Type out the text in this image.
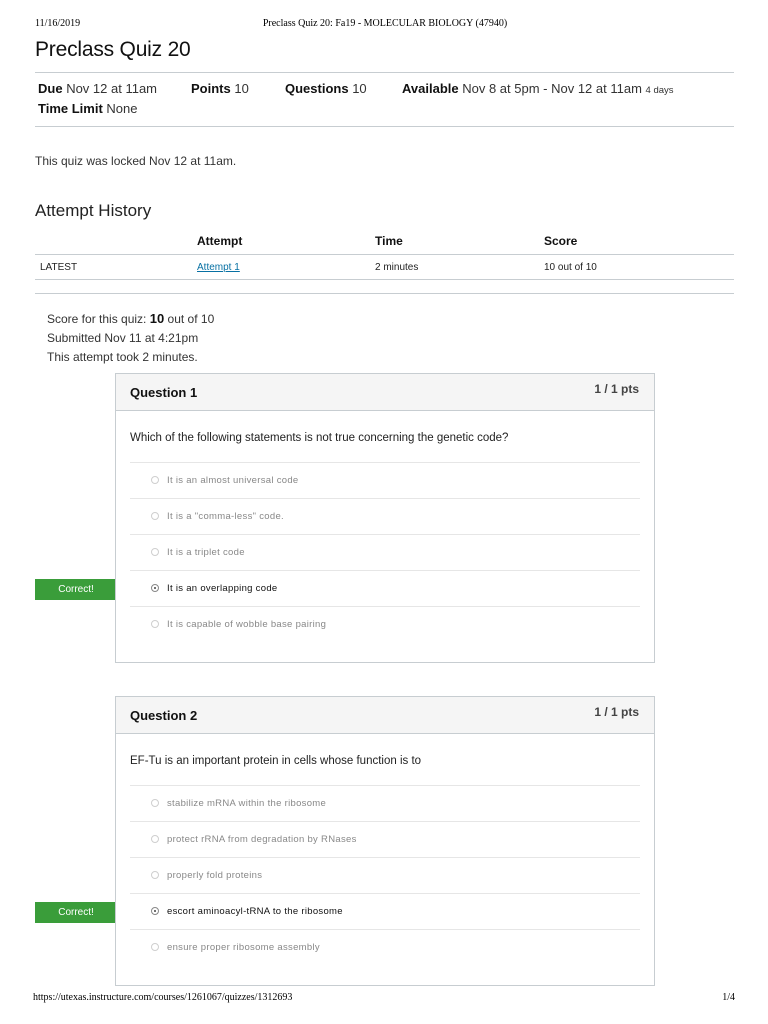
11/16/2019	Preclass Quiz 20: Fa19 - MOLECULAR BIOLOGY (47940)
Preclass Quiz 20
Due Nov 12 at 11am	Points 10	Questions 10	Available Nov 8 at 5pm - Nov 12 at 11am 4 days
Time Limit None
This quiz was locked Nov 12 at 11am.
Attempt History
	Attempt	Time	Score
LATEST	Attempt 1	2 minutes	10 out of 10
Score for this quiz: 10 out of 10
Submitted Nov 11 at 4:21pm
This attempt took 2 minutes.
Correct!
Question 1	1 / 1 pts
Which of the following statements is not true concerning the genetic code?
It is an almost universal code
It is a "comma-less" code.
It is a triplet code
It is an overlapping code
It is capable of wobble base pairing
Correct!
Question 2	1 / 1 pts
EF-Tu is an important protein in cells whose function is to
stabilize mRNA within the ribosome
protect rRNA from degradation by RNases
properly fold proteins
escort aminoacyl-tRNA to the ribosome
ensure proper ribosome assembly
https://utexas.instructure.com/courses/1261067/quizzes/1312693	1/4
